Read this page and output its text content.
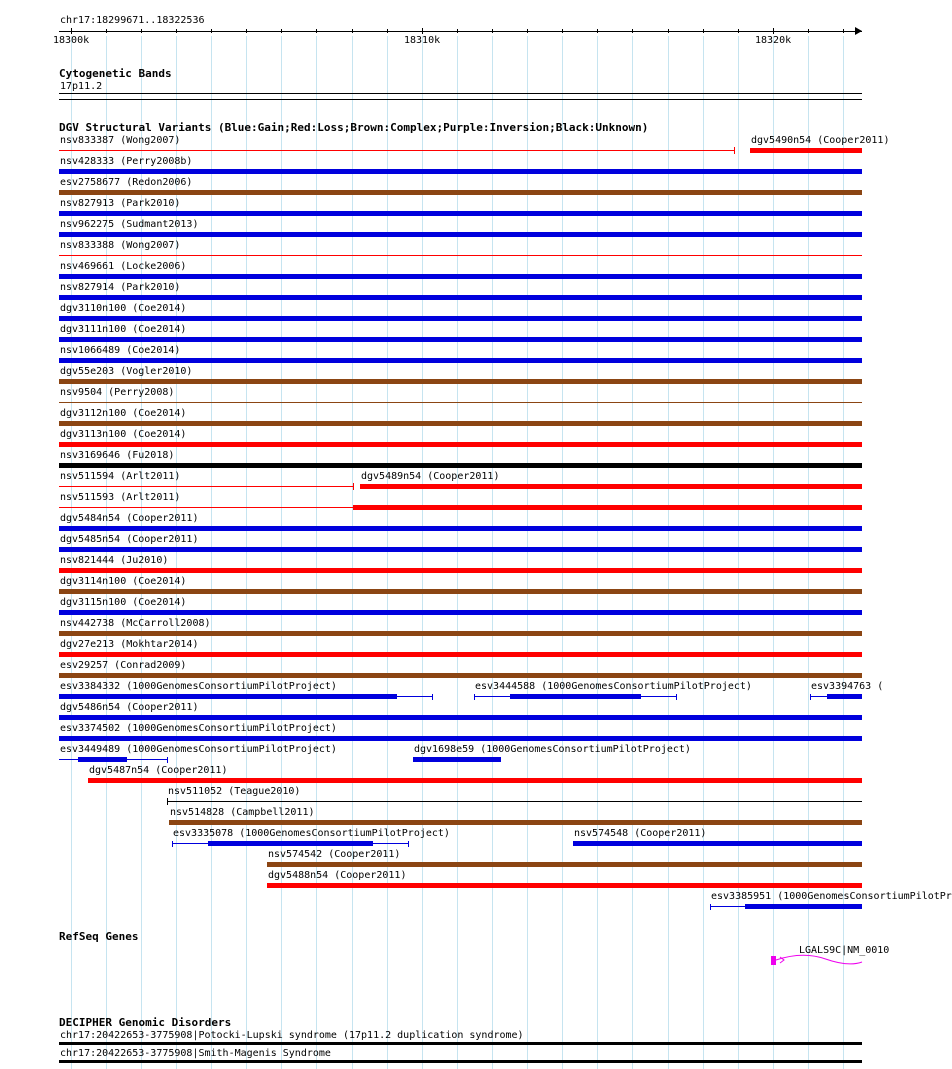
chr17:18299671..18322536
18300k	18310k	18320k
Cytogenetic Bands
17p11.2
DGV Structural Variants (Blue:Gain;Red:Loss;Brown:Complex;Purple:Inversion;Black:Unknown)
nsv833387 (Wong2007)	dgv5490n54 (Cooper2011)
nsv428333 (Perry2008b)
esv2758677 (Redon2006)
nsv827913 (Park2010)
nsv962275 (Sudmant2013)
nsv833388 (Wong2007)
nsv469661 (Locke2006)
nsv827914 (Park2010)
dgv3110n100 (Coe2014)
dgv3111n100 (Coe2014)
nsv1066489 (Coe2014)
dgv55e203 (Vogler2010)
nsv9504 (Perry2008)
dgv3112n100 (Coe2014)
dgv3113n100 (Coe2014)
nsv3169646 (Fu2018)
nsv511594 (Arlt2011)	dgv5489n54 (Cooper2011)
nsv511593 (Arlt2011)
dgv5484n54 (Cooper2011)
dgv5485n54 (Cooper2011)
nsv821444 (Ju2010)
dgv3114n100 (Coe2014)
dgv3115n100 (Coe2014)
nsv442738 (McCarroll2008)
dgv27e213 (Mokhtar2014)
esv29257 (Conrad2009)
esv3384332 (1000GenomesConsortiumPilotProject)	esv3444588 (1000GenomesConsortiumPilotProject)	esv3394763 (
dgv5486n54 (Cooper2011)
esv3374502 (1000GenomesConsortiumPilotProject)
esv3449489 (1000GenomesConsortiumPilotProject)	dgv1698e59 (1000GenomesConsortiumPilotProject)
dgv5487n54 (Cooper2011)
nsv511052 (Teague2010)
nsv514828 (Campbell2011)
esv3335078 (1000GenomesConsortiumPilotProject)	nsv574548 (Cooper2011)
nsv574542 (Cooper2011)
dgv5488n54 (Cooper2011)
esv3385951 (1000GenomesConsortiumPilotPr
RefSeq Genes
LGALS9C|NM_0010
DECIPHER Genomic Disorders
chr17:20422653-3775908|Potocki-Lupski syndrome (17p11.2 duplication syndrome)
chr17:20422653-3775908|Smith-Magenis Syndrome
